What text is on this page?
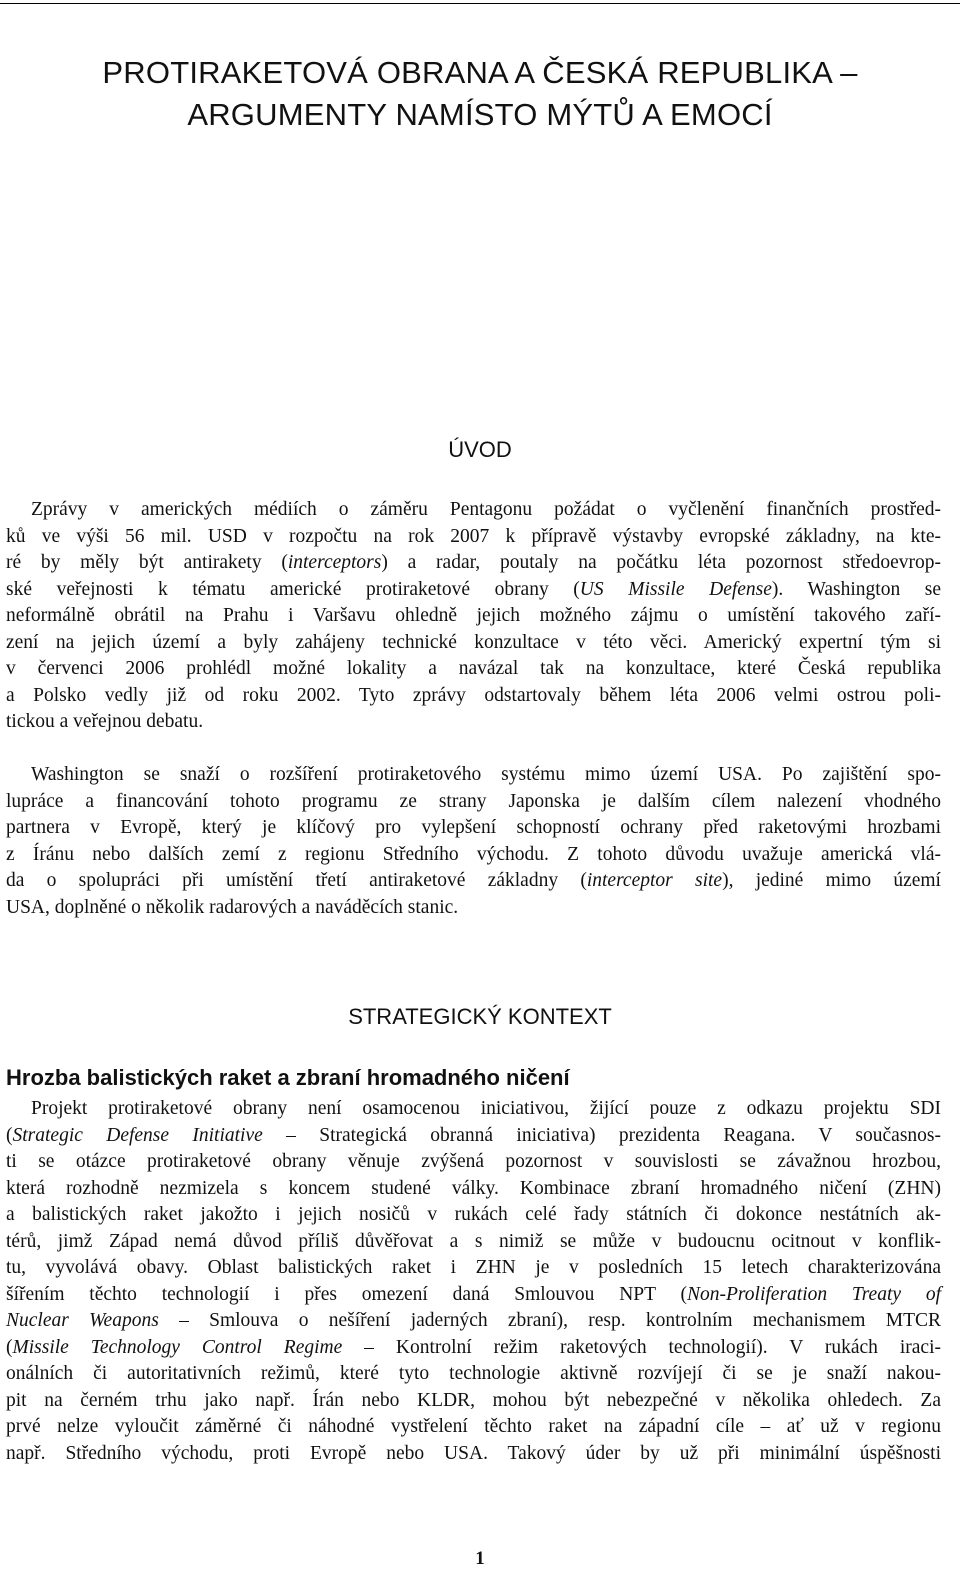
PROTIRAKETOVÁ OBRANA A ČESKÁ REPUBLIKA –
ARGUMENTY NAMÍSTO MÝTŮ A EMOCÍ
ÚVOD
Zprávy v amerických médiích o záměru Pentagonu požádat o vyčlenění finančních prostřed-
ků ve výši 56 mil. USD v rozpočtu na rok 2007 k přípravě výstavby evropské základny, na kte-
ré by měly být antirakety (interceptors) a radar, poutaly na počátku léta pozornost středoevrop-
ské veřejnosti k tématu americké protiraketové obrany (US Missile Defense). Washington se
neformálně obrátil na Prahu i Varšavu ohledně jejich možného zájmu o umístění takového zaří-
zení na jejich území a byly zahájeny technické konzultace v této věci. Americký expertní tým si
v červenci 2006 prohlédl možné lokality a navázal tak na konzultace, které Česká republika
a Polsko vedly již od roku 2002. Tyto zprávy odstartovaly během léta 2006 velmi ostrou poli-
tickou a veřejnou debatu.
Washington se snaží o rozšíření protiraketového systému mimo území USA. Po zajištění spo-
lupráce a financování tohoto programu ze strany Japonska je dalším cílem nalezení vhodného
partnera v Evropě, který je klíčový pro vylepšení schopností ochrany před raketovými hrozbami
z Íránu nebo dalších zemí z regionu Středního východu. Z tohoto důvodu uvažuje americká vlá-
da o spolupráci při umístění třetí antiraketové základny (interceptor site), jediné mimo území
USA, doplněné o několik radarových a naváděcích stanic.
STRATEGICKÝ KONTEXT
Hrozba balistických raket a zbraní hromadného ničení
Projekt protiraketové obrany není osamocenou iniciativou, žijící pouze z odkazu projektu SDI
(Strategic Defense Initiative – Strategická obranná iniciativa) prezidenta Reagana. V současnos-
ti se otázce protiraketové obrany věnuje zvýšená pozornost v souvislosti se závažnou hrozbou,
která rozhodně nezmizela s koncem studené války. Kombinace zbraní hromadného ničení (ZHN)
a balistických raket jakožto i jejich nosičů v rukách celé řady státních či dokonce nestátních ak-
térů, jimž Západ nemá důvod příliš důvěřovat a s nimiž se může v budoucnu ocitnout v konflik-
tu, vyvolává obavy. Oblast balistických raket i ZHN je v posledních 15 letech charakterizována
šířením těchto technologií i přes omezení daná Smlouvou NPT (Non-Proliferation Treaty of
Nuclear Weapons – Smlouva o nešíření jaderných zbraní), resp. kontrolním mechanismem MTCR
(Missile Technology Control Regime – Kontrolní režim raketových technologií). V rukách iraci-
onálních či autoritativních režimů, které tyto technologie aktivně rozvíjejí či se je snaží nakou-
pit na černém trhu jako např. Írán nebo KLDR, mohou být nebezpečné v několika ohledech. Za
prvé nelze vyloučit záměrné či náhodné vystřelení těchto raket na západní cíle – ať už v regionu
např. Středního východu, proti Evropě nebo USA. Takový úder by už při minimální úspěšnosti
1
